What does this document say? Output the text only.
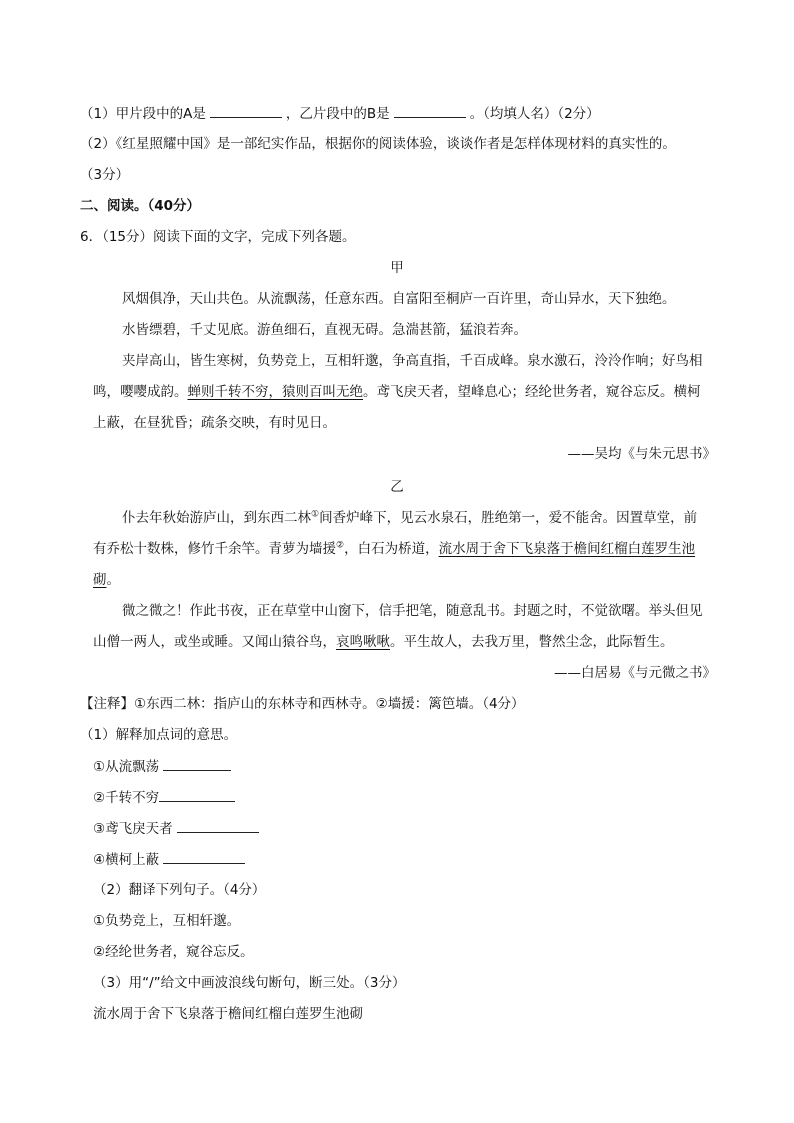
（1）甲片段中的A是	，乙片段中的B是	。（均填人名）（2分）
（2）《红星照耀中国》是一部纪实作品，根据你的阅读体验，谈谈作者是怎样体现材料的真实性的。
（3分）
二、阅读。（40分）
6．（15分）阅读下面的文字，完成下列各题。
甲
风烟俱净，天山共色。从流飘荡，任意东西。自富阳至桐庐一百许里，奇山异水，天下独绝。
水皆缥碧，千丈见底。游鱼细石，直视无碍。急湍甚箭，猛浪若奔。
夹岸高山，皆生寒树，负势竞上，互相轩邈，争高直指，千百成峰。泉水激石，泠泠作响；好鸟相
鸣，嘤嘤成韵。蝉则千转不穷，猿则百叫无绝。鸢飞戾天者，望峰息心；经纶世务者，窥谷忘反。横柯
上蔽，在昼犹昏；疏条交映，有时见日。
——吴均《与朱元思书》
乙
仆去年秋始游庐山，到东西二林①间香炉峰下，见云水泉石，胜绝第一，爱不能舍。因置草堂，前
有乔松十数株，修竹千余竿。青萝为墙援②，白石为桥道，流水周于舍下飞泉落于檐间红榴白莲罗生池
砌。
微之微之！作此书夜，正在草堂中山窗下，信手把笔，随意乱书。封题之时，不觉欲曙。举头但见
山僧一两人，或坐或睡。又闻山猿谷鸟，哀鸣啾啾。平生故人，去我万里，瞥然尘念，此际暂生。
——白居易《与元微之书》
【注释】①东西二林：指庐山的东林寺和西林寺。②墙援：篱笆墙。（4分）
（1）解释加点词的意思。
①从流飘荡
②千转不穷
③鸢飞戾天者
④横柯上蔽
（2）翻译下列句子。（4分）
①负势竞上，互相轩邈。
②经纶世务者，窥谷忘反。
（3）用“/”给文中画波浪线句断句，断三处。（3分）
流水周于舍下飞泉落于檐间红榴白莲罗生池砌
